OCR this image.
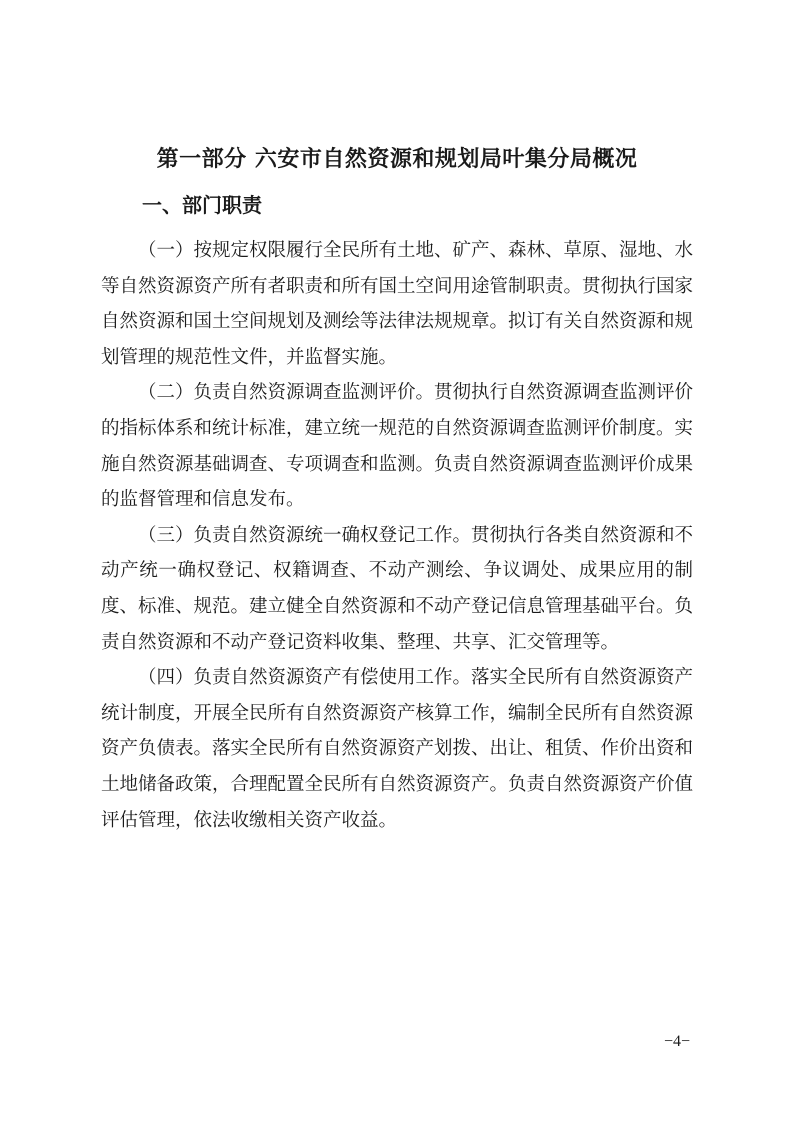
第一部分 六安市自然资源和规划局叶集分局概况
一、部门职责

（一）按规定权限履行全民所有土地、矿产、森林、草原、湿地、水等自然资源资产所有者职责和所有国土空间用途管制职责。贯彻执行国家自然资源和国土空间规划及测绘等法律法规规章。拟订有关自然资源和规划管理的规范性文件，并监督实施。

（二）负责自然资源调查监测评价。贯彻执行自然资源调查监测评价的指标体系和统计标准，建立统一规范的自然资源调查监测评价制度。实施自然资源基础调查、专项调查和监测。负责自然资源调查监测评价成果的监督管理和信息发布。

（三）负责自然资源统一确权登记工作。贯彻执行各类自然资源和不动产统一确权登记、权籍调查、不动产测绘、争议调处、成果应用的制度、标准、规范。建立健全自然资源和不动产登记信息管理基础平台。负责自然资源和不动产登记资料收集、整理、共享、汇交管理等。

（四）负责自然资源资产有偿使用工作。落实全民所有自然资源资产统计制度，开展全民所有自然资源资产核算工作，编制全民所有自然资源资产负债表。落实全民所有自然资源资产划拨、出让、租赁、作价出资和土地储备政策，合理配置全民所有自然资源资产。负责自然资源资产价值评估管理，依法收缴相关资产收益。

−4−
